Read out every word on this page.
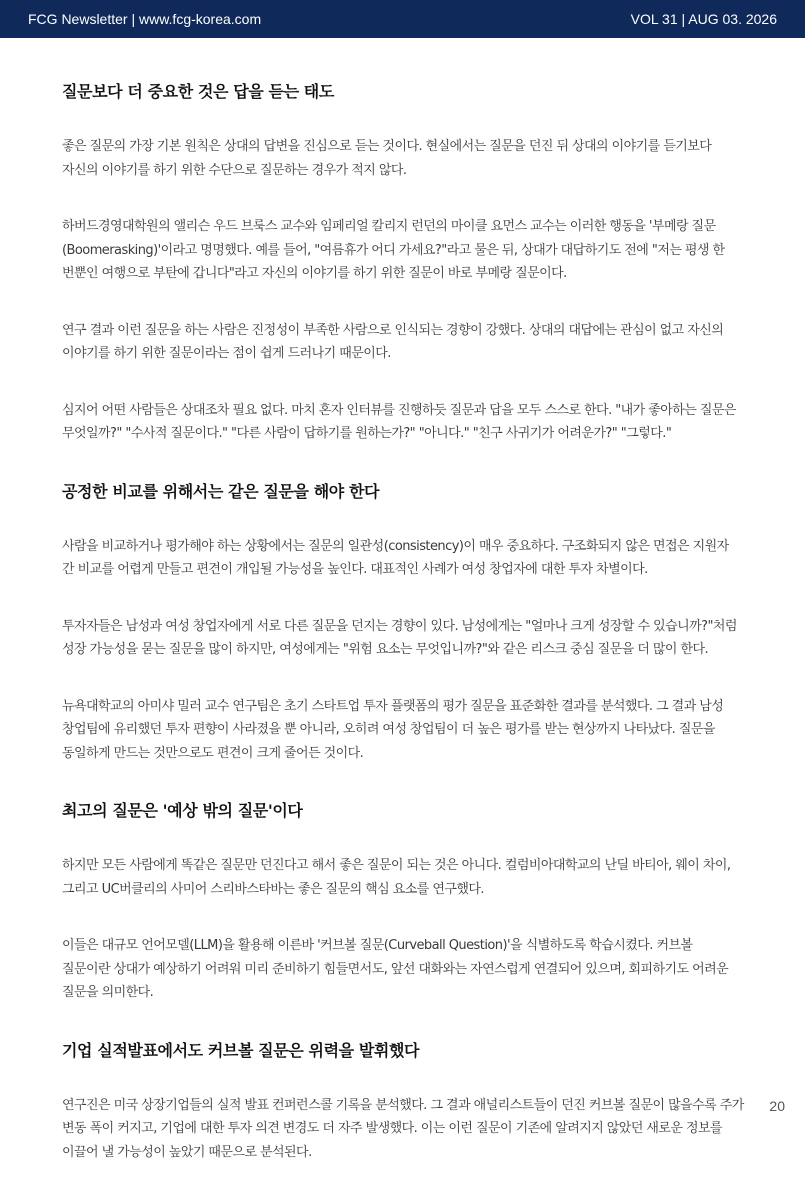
FCG Newsletter | www.fcg-korea.com	VOL 31 | AUG 03. 2026
질문보다 더 중요한 것은 답을 듣는 태도

좋은 질문의 가장 기본 원칙은 상대의 답변을 진심으로 듣는 것이다. 현실에서는 질문을 던진 뒤 상대의 이야기를 듣기보다 자신의 이야기를 하기 위한 수단으로 질문하는 경우가 적지 않다.

하버드경영대학원의 앨리슨 우드 브룩스 교수와 임페리얼 칼리지 런던의 마이클 요먼스 교수는 이러한 행동을 '부메랑 질문(Boomerasking)'이라고 명명했다. 예를 들어, "여름휴가 어디 가세요?"라고 물은 뒤, 상대가 대답하기도 전에 "저는 평생 한 번뿐인 여행으로 부탄에 갑니다"라고 자신의 이야기를 하기 위한 질문이 바로 부메랑 질문이다.

연구 결과 이런 질문을 하는 사람은 진정성이 부족한 사람으로 인식되는 경향이 강했다. 상대의 대답에는 관심이 없고 자신의 이야기를 하기 위한 질문이라는 점이 쉽게 드러나기 때문이다.

심지어 어떤 사람들은 상대조차 필요 없다. 마치 혼자 인터뷰를 진행하듯 질문과 답을 모두 스스로 한다. "내가 좋아하는 질문은 무엇일까?" "수사적 질문이다." "다른 사람이 답하기를 원하는가?" "아니다." "친구 사귀기가 어려운가?" "그렇다."

공정한 비교를 위해서는 같은 질문을 해야 한다

사람을 비교하거나 평가해야 하는 상황에서는 질문의 일관성(consistency)이 매우 중요하다. 구조화되지 않은 면접은 지원자 간 비교를 어렵게 만들고 편견이 개입될 가능성을 높인다. 대표적인 사례가 여성 창업자에 대한 투자 차별이다.

투자자들은 남성과 여성 창업자에게 서로 다른 질문을 던지는 경향이 있다. 남성에게는 "얼마나 크게 성장할 수 있습니까?"처럼 성장 가능성을 묻는 질문을 많이 하지만, 여성에게는 "위험 요소는 무엇입니까?"와 같은 리스크 중심 질문을 더 많이 한다.

뉴욕대학교의 아미샤 밀러 교수 연구팀은 초기 스타트업 투자 플랫폼의 평가 질문을 표준화한 결과를 분석했다. 그 결과 남성 창업팀에 유리했던 투자 편향이 사라졌을 뿐 아니라, 오히려 여성 창업팀이 더 높은 평가를 받는 현상까지 나타났다. 질문을 동일하게 만드는 것만으로도 편견이 크게 줄어든 것이다.

최고의 질문은 '예상 밖의 질문'이다

하지만 모든 사람에게 똑같은 질문만 던진다고 해서 좋은 질문이 되는 것은 아니다. 컬럼비아대학교의 난딜 바티아, 웨이 차이, 그리고 UC버클리의 사미어 스리바스타바는 좋은 질문의 핵심 요소를 연구했다.

이들은 대규모 언어모델(LLM)을 활용해 이른바 '커브볼 질문(Curveball Question)'을 식별하도록 학습시켰다. 커브볼 질문이란 상대가 예상하기 어려워 미리 준비하기 힘들면서도, 앞선 대화와는 자연스럽게 연결되어 있으며, 회피하기도 어려운 질문을 의미한다.

기업 실적발표에서도 커브볼 질문은 위력을 발휘했다

연구진은 미국 상장기업들의 실적 발표 컨퍼런스콜 기록을 분석했다. 그 결과 애널리스트들이 던진 커브볼 질문이 많을수록 주가 변동 폭이 커지고, 기업에 대한 투자 의견 변경도 더 자주 발생했다. 이는 이런 질문이 기존에 알려지지 않았던 새로운 정보를 이끌어 낼 가능성이 높았기 때문으로 분석된다.

20
